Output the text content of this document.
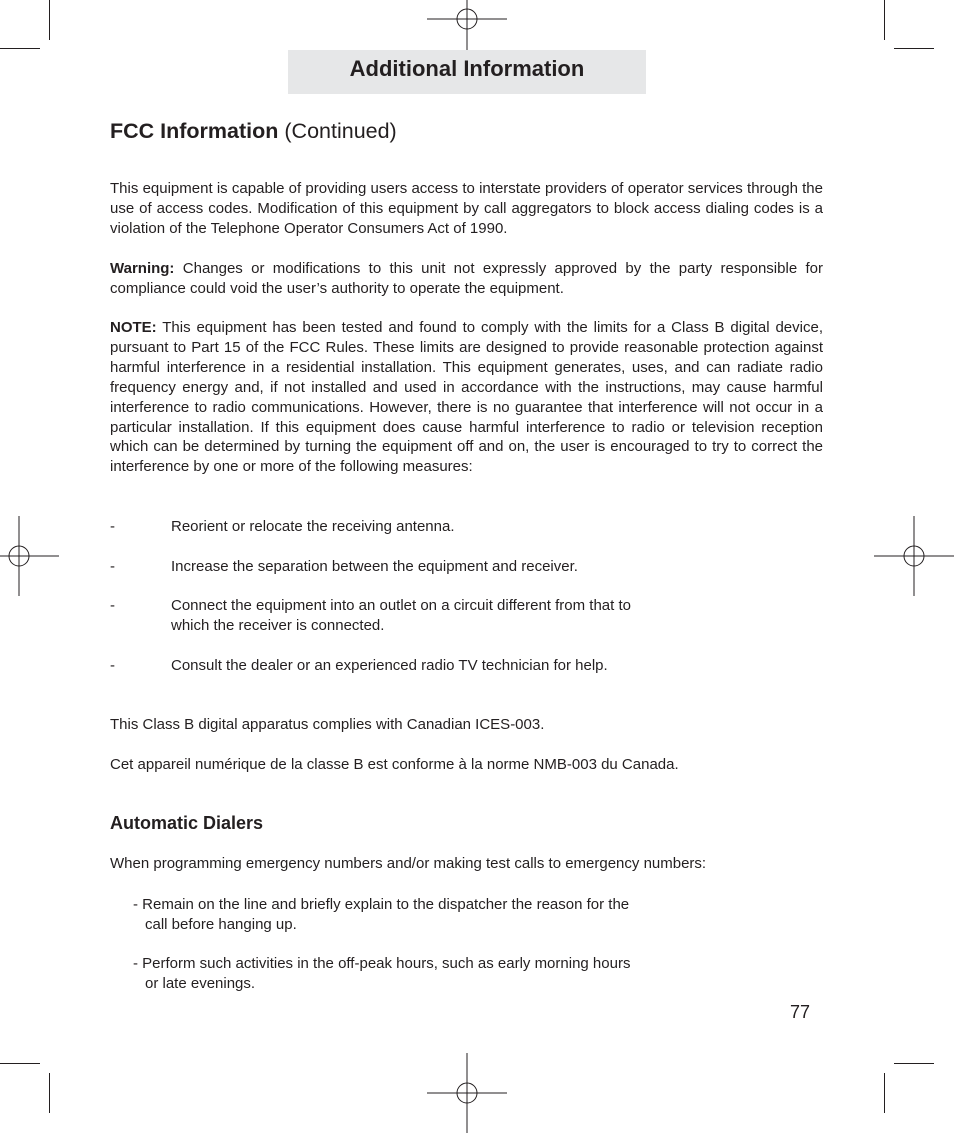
Additional Information
FCC Information (Continued)
This equipment is capable of providing users access to interstate providers of operator services through the use of access codes. Modification of this equipment by call aggregators to block access dialing codes is a violation of the Telephone Operator Consumers Act of 1990.
Warning: Changes or modifications to this unit not expressly approved by the party responsible for compliance could void the user’s authority to operate the equipment.
NOTE: This equipment has been tested and found to comply with the limits for a Class B digital device, pursuant to Part 15 of the FCC Rules. These limits are designed to provide reasonable protection against harmful interference in a residential installation. This equipment generates, uses, and can radiate radio frequency energy and, if not installed and used in accordance with the instructions, may cause harmful interference to radio communications. However, there is no guarantee that interference will not occur in a particular installation. If this equipment does cause harmful interference to radio or television reception which can be determined by turning the equipment off and on, the user is encouraged to try to correct the interference by one or more of the following measures:
-	Reorient or relocate the receiving antenna.
-	Increase the separation between the equipment and receiver.
-	Connect the equipment into an outlet on a circuit different from that to
which the receiver is connected.
-	Consult the dealer or an experienced radio TV technician for help.
This Class B digital apparatus complies with Canadian ICES-003.
Cet appareil numérique de la classe B est conforme à la norme NMB-003 du Canada.
Automatic Dialers
When programming emergency numbers and/or making test calls to emergency numbers:
- Remain on the line and briefly explain to the dispatcher the reason for the
call before hanging up.
- Perform such activities in the off-peak hours, such as early morning hours
or late evenings.
77
